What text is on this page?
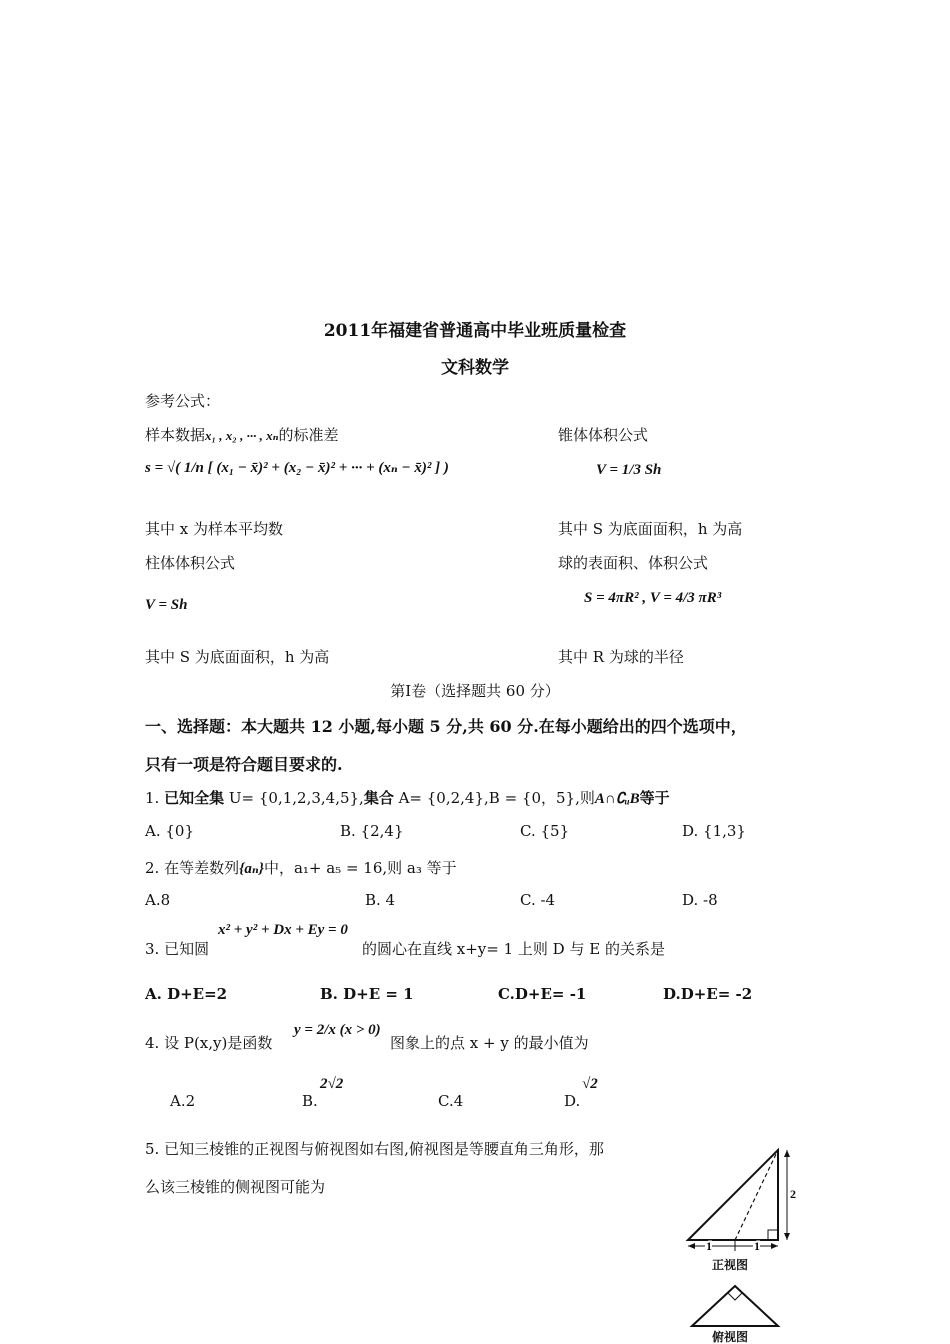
2011年福建省普通高中毕业班质量检查
文科数学
参考公式：
样本数据x₁ , x₂ , ··· , xₙ的标准差
s = √( 1/n [ (x₁ − x̄)² + (x₂ − x̄)² + ··· + (xₙ − x̄)² ] )
其中 x 为样本平均数
锥体体积公式
V = 1/3 Sh
其中 S 为底面面积，h 为高
柱体体积公式
V = Sh
其中 S 为底面面积，h 为高
球的表面积、体积公式
S = 4πR² , V = 4/3 πR³
其中 R 为球的半径
第Ⅰ卷（选择题共 60 分）
一、选择题：本大题共 12 小题,每小题 5 分,共 60 分.在每小题给出的四个选项中，
只有一项是符合题目要求的.
1. 已知全集 U= {0,1,2,3,4,5},集合 A= {0,2,4},B = {0，5},则A∩∁ᵤB等于
A. {0}	B. {2,4}	C. {5}	D. {1,3}
2. 在等差数列{aₙ}中，a₁+ a₅ = 16,则 a₃ 等于
A.8	B. 4	C. -4	D. -8
3. 已知圆
x² + y² + Dx + Ey = 0
的圆心在直线 x+y= 1 上则 D 与 E 的关系是
A. D+E=2	B. D+E = 1	C.D+E= -1	D.D+E= -2
4. 设 P(x,y)是函数
y = 2/x (x > 0)
图象上的点 x + y 的最小值为
A.2	B.
2√2
C.4	D.
√2
5. 已知三棱锥的正视图与俯视图如右图,俯视图是等腰直角三角形，那
么该三棱锥的侧视图可能为	2
1	1
正视图
俯视图
